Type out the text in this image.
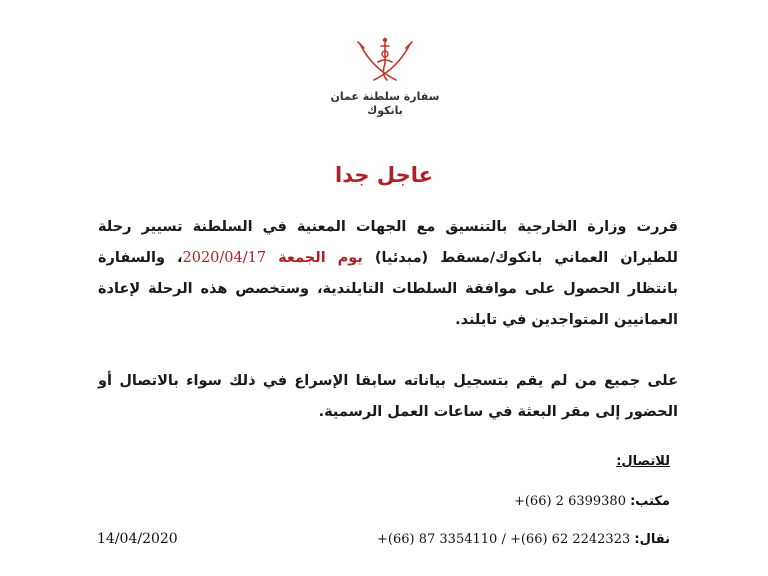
سفارة سلطنة عمان
بانكوك
عاجل جدا
قررت وزارة الخارجية بالتنسيق مع الجهات المعنية في السلطنة تسيير رحلة للطيران العماني بانكوك/مسقط (مبدئيا) يوم الجمعة 2020/04/17، والسفارة بانتظار الحصول على موافقة السلطات التايلندية، وستخصص هذه الرحلة لإعادة العمانيين المتواجدين في تايلند.
على جميع من لم يقم بتسجيل بياناته سابقا الإسراع في ذلك سواء بالاتصال أو الحضور إلى مقر البعثة في ساعات العمل الرسمية.
للاتصال:
مكتب: +(66) 2 6399380
نقال: +(66) 87 3354110 / +(66) 62 2242323
14/04/2020
